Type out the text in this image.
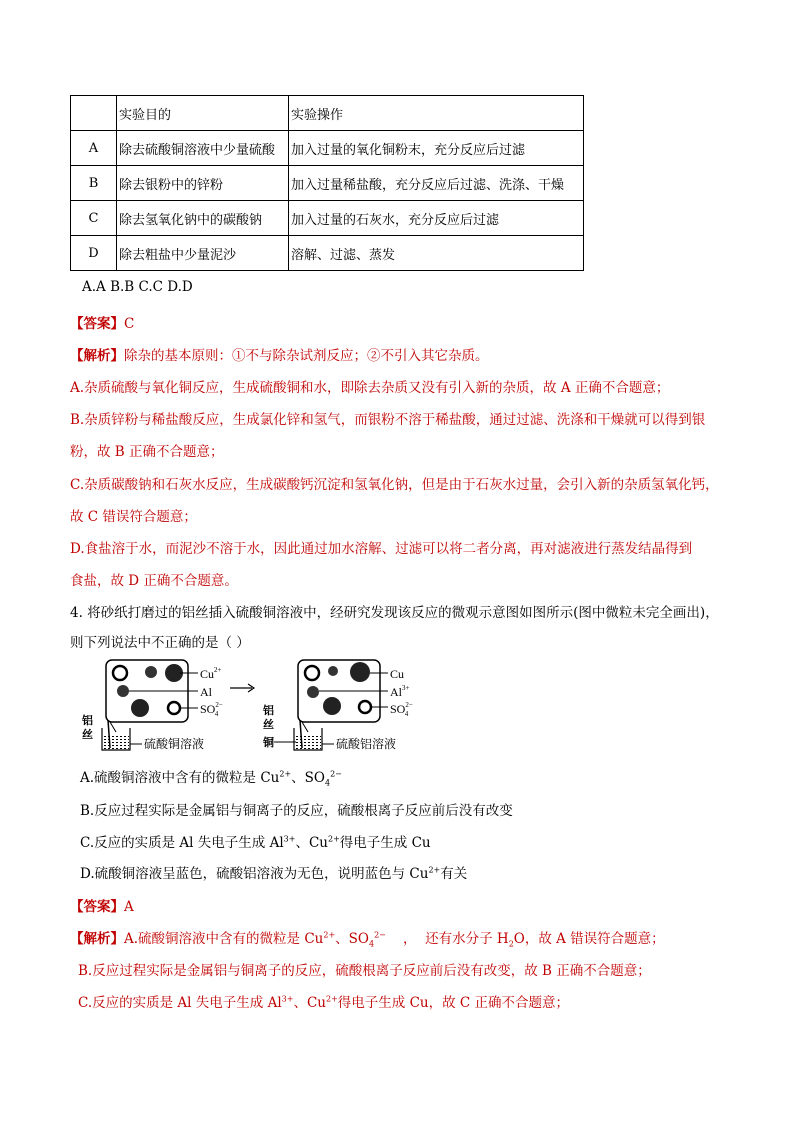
	实验目的	实验操作
A	除去硫酸铜溶液中少量硫酸	加入过量的氧化铜粉末，充分反应后过滤
B	除去银粉中的锌粉	加入过量稀盐酸，充分反应后过滤、洗涤、干燥
C	除去氢氧化钠中的碳酸钠	加入过量的石灰水，充分反应后过滤
D	除去粗盐中少量泥沙	溶解、过滤、蒸发
A.A B.B C.C D.D
【答案】C
【解析】除杂的基本原则：①不与除杂试剂反应；②不引入其它杂质。
A.杂质硫酸与氧化铜反应，生成硫酸铜和水，即除去杂质又没有引入新的杂质，故 A 正确不合题意；
B.杂质锌粉与稀盐酸反应，生成氯化锌和氢气，而银粉不溶于稀盐酸，通过过滤、洗涤和干燥就可以得到银
粉，故 B 正确不合题意；
C.杂质碳酸钠和石灰水反应，生成碳酸钙沉淀和氢氧化钠，但是由于石灰水过量，会引入新的杂质氢氧化钙，
故 C 错误符合题意；
D.食盐溶于水，而泥沙不溶于水，因此通过加水溶解、过滤可以将二者分离，再对滤液进行蒸发结晶得到
食盐，故 D 正确不合题意。
4. 将砂纸打磨过的铝丝插入硫酸铜溶液中，经研究发现该反应的微观示意图如图所示(图中微粒未完全画出)，
则下列说法中不正确的是（ ）
$Cu^{2+}$
Al
$SO^{2-}$ 4
硫酸铜溶液
铝
丝
Cu
$Al^{3+}$
$SO^{2-}$ 4
硫酸铝溶液
铝
丝
铜
A.硫酸铜溶液中含有的微粒是 $Cu^{2+}$、$SO_4^{2-}$
B.反应过程实际是金属铝与铜离子的反应，硫酸根离子反应前后没有改变
C.反应的实质是 Al 失电子生成 $Al^{3+}$、$Cu^{2+}$得电子生成 Cu
D.硫酸铜溶液呈蓝色，硫酸铝溶液为无色，说明蓝色与 $Cu^{2+}$有关
【答案】A
【解析】A.硫酸铜溶液中含有的微粒是 $Cu^{2+}$、$SO_4^{2-}$    ，  还有水分子 $H_2O$，故 A 错误符合题意；
B.反应过程实际是金属铝与铜离子的反应，硫酸根离子反应前后没有改变，故 B 正确不合题意；
C.反应的实质是 Al 失电子生成 $Al^{3+}$、$Cu^{2+}$得电子生成 Cu，故 C 正确不合题意；
